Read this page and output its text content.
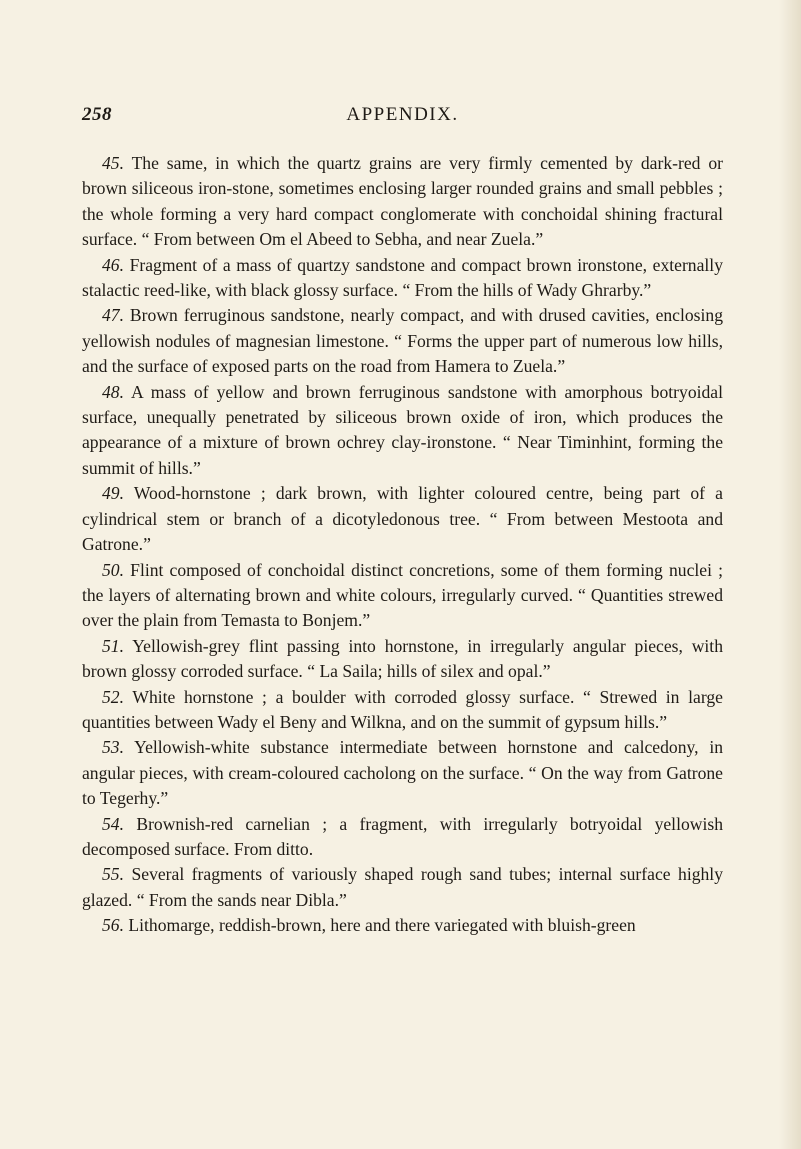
258	APPENDIX.

45. The same, in which the quartz grains are very firmly cemented by dark-red or brown siliceous iron-stone, sometimes enclosing larger rounded grains and small pebbles ; the whole forming a very hard compact conglomerate with conchoidal shining fractural surface. “ From between Om el Abeed to Sebha, and near Zuela.”

46. Fragment of a mass of quartzy sandstone and compact brown ironstone, externally stalactic reed-like, with black glossy surface. “ From the hills of Wady Ghrarby.”

47. Brown ferruginous sandstone, nearly compact, and with drused cavities, enclosing yellowish nodules of magnesian limestone. “ Forms the upper part of numerous low hills, and the surface of exposed parts on the road from Hamera to Zuela.”

48. A mass of yellow and brown ferruginous sandstone with amorphous botryoidal surface, unequally penetrated by siliceous brown oxide of iron, which produces the appearance of a mixture of brown ochrey clay-ironstone. “ Near Timinhint, forming the summit of hills.”

49. Wood-hornstone ; dark brown, with lighter coloured centre, being part of a cylindrical stem or branch of a dicotyledonous tree. “ From between Mestoota and Gatrone.”

50. Flint composed of conchoidal distinct concretions, some of them forming nuclei ; the layers of alternating brown and white colours, irregularly curved. “ Quantities strewed over the plain from Temasta to Bonjem.”

51. Yellowish-grey flint passing into hornstone, in irregularly angular pieces, with brown glossy corroded surface. “ La Saila; hills of silex and opal.”

52. White hornstone ; a boulder with corroded glossy surface. “ Strewed in large quantities between Wady el Beny and Wilkna, and on the summit of gypsum hills.”

53. Yellowish-white substance intermediate between hornstone and calcedony, in angular pieces, with cream-coloured cacholong on the surface. “ On the way from Gatrone to Tegerhy.”

54. Brownish-red carnelian ; a fragment, with irregularly botryoidal yellowish decomposed surface. From ditto.

55. Several fragments of variously shaped rough sand tubes; internal surface highly glazed. “ From the sands near Dibla.”

56. Lithomarge, reddish-brown, here and there variegated with bluish-green
